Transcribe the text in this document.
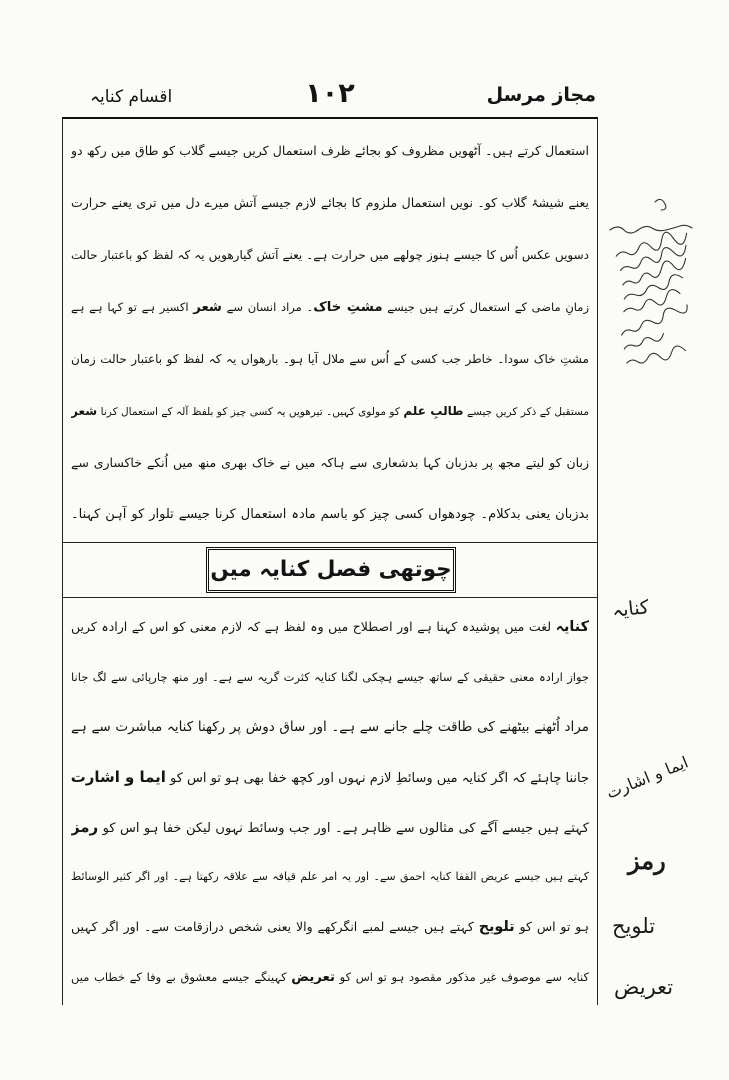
مجاز مرسل
۱۰۲
اقسام کنایہ
استعمال کرتے ہیں۔ آٹھویں مظروف کو بجائے ظرف استعمال کریں جیسے گلاب کو طاق میں رکھ دو
یعنے شیشۂ گلاب کو۔ نویں استعمال ملزوم کا بجائے لازم جیسے آتش میرے دل میں تری یعنے حرارت
دسویں عکس اُس کا جیسے ہنوز چولھے میں حرارت ہے۔ یعنے آتش گیارھویں یہ کہ لفظ کو باعتبار حالت
زمانِ ماضی کے استعمال کرتے ہیں جیسے مشتِ خاک۔ مراد انسان سے شعر اکسیر ہے تو کہا ہے ہے
مشتِ خاک سودا۔ خاطر جب کسی کے اُس سے ملال آیا ہو۔ بارھواں یہ کہ لفظ کو باعتبار حالت زمان
مستقبل کے ذکر کریں جیسے طالبِ علم کو مولوی کہیں۔ تیرھویں یہ کسی چیز کو بلفظ آلہ کے استعمال کرنا شعر
زبان کو لیتے مجھ پر بدزبان کہا بدشعاری سے ہاکہ میں نے خاک بھری منھ میں اُنکے خاکساری سے
بدزبان یعنی بدکلام۔ چودھواں کسی چیز کو باسم مادہ استعمال کرنا جیسے تلوار کو آہن کہنا۔
چوتھی فصل کنایہ میں
کنایہ لغت میں پوشیدہ کہنا ہے اور اصطلاح میں وہ لفظ ہے کہ لازم معنی کو اس کے ارادہ کریں
جواز ارادہ معنی حقیقی کے ساتھ جیسے ہچکی لگنا کنایہ کثرت گریہ سے ہے۔ اور منھ چارپائی سے لگ جانا
مراد اُٹھنے بیٹھنے کی طاقت چلے جانے سے ہے۔ اور ساق دوش پر رکھنا کنایہ مباشرت سے ہے
جاننا چاہئے کہ اگر کنایہ میں وسائطِ لازم نہوں اور کچھ خفا بھی ہو تو اس کو ایما و اشارت
کہتے ہیں جیسے آگے کی مثالوں سے ظاہر ہے۔ اور جب وسائط نہوں لیکن خفا ہو اس کو رمز
کہتے ہیں جیسے عریض القفا کنایہ احمق سے۔ اور یہ امر علم قیافہ سے علاقہ رکھتا ہے۔ اور اگر کثیر الوسائط
ہو تو اس کو تلویح کہتے ہیں جیسے لمبے انگرکھے والا یعنی شخص درازقامت سے۔ اور اگر کہیں
کنایہ سے موصوف غیر مذکور مقصود ہو تو اس کو تعریض کہینگے جیسے معشوق بے وفا کے خطاب میں
کنایہ
ایما و اشارت
رمز
تلویح
تعریض
